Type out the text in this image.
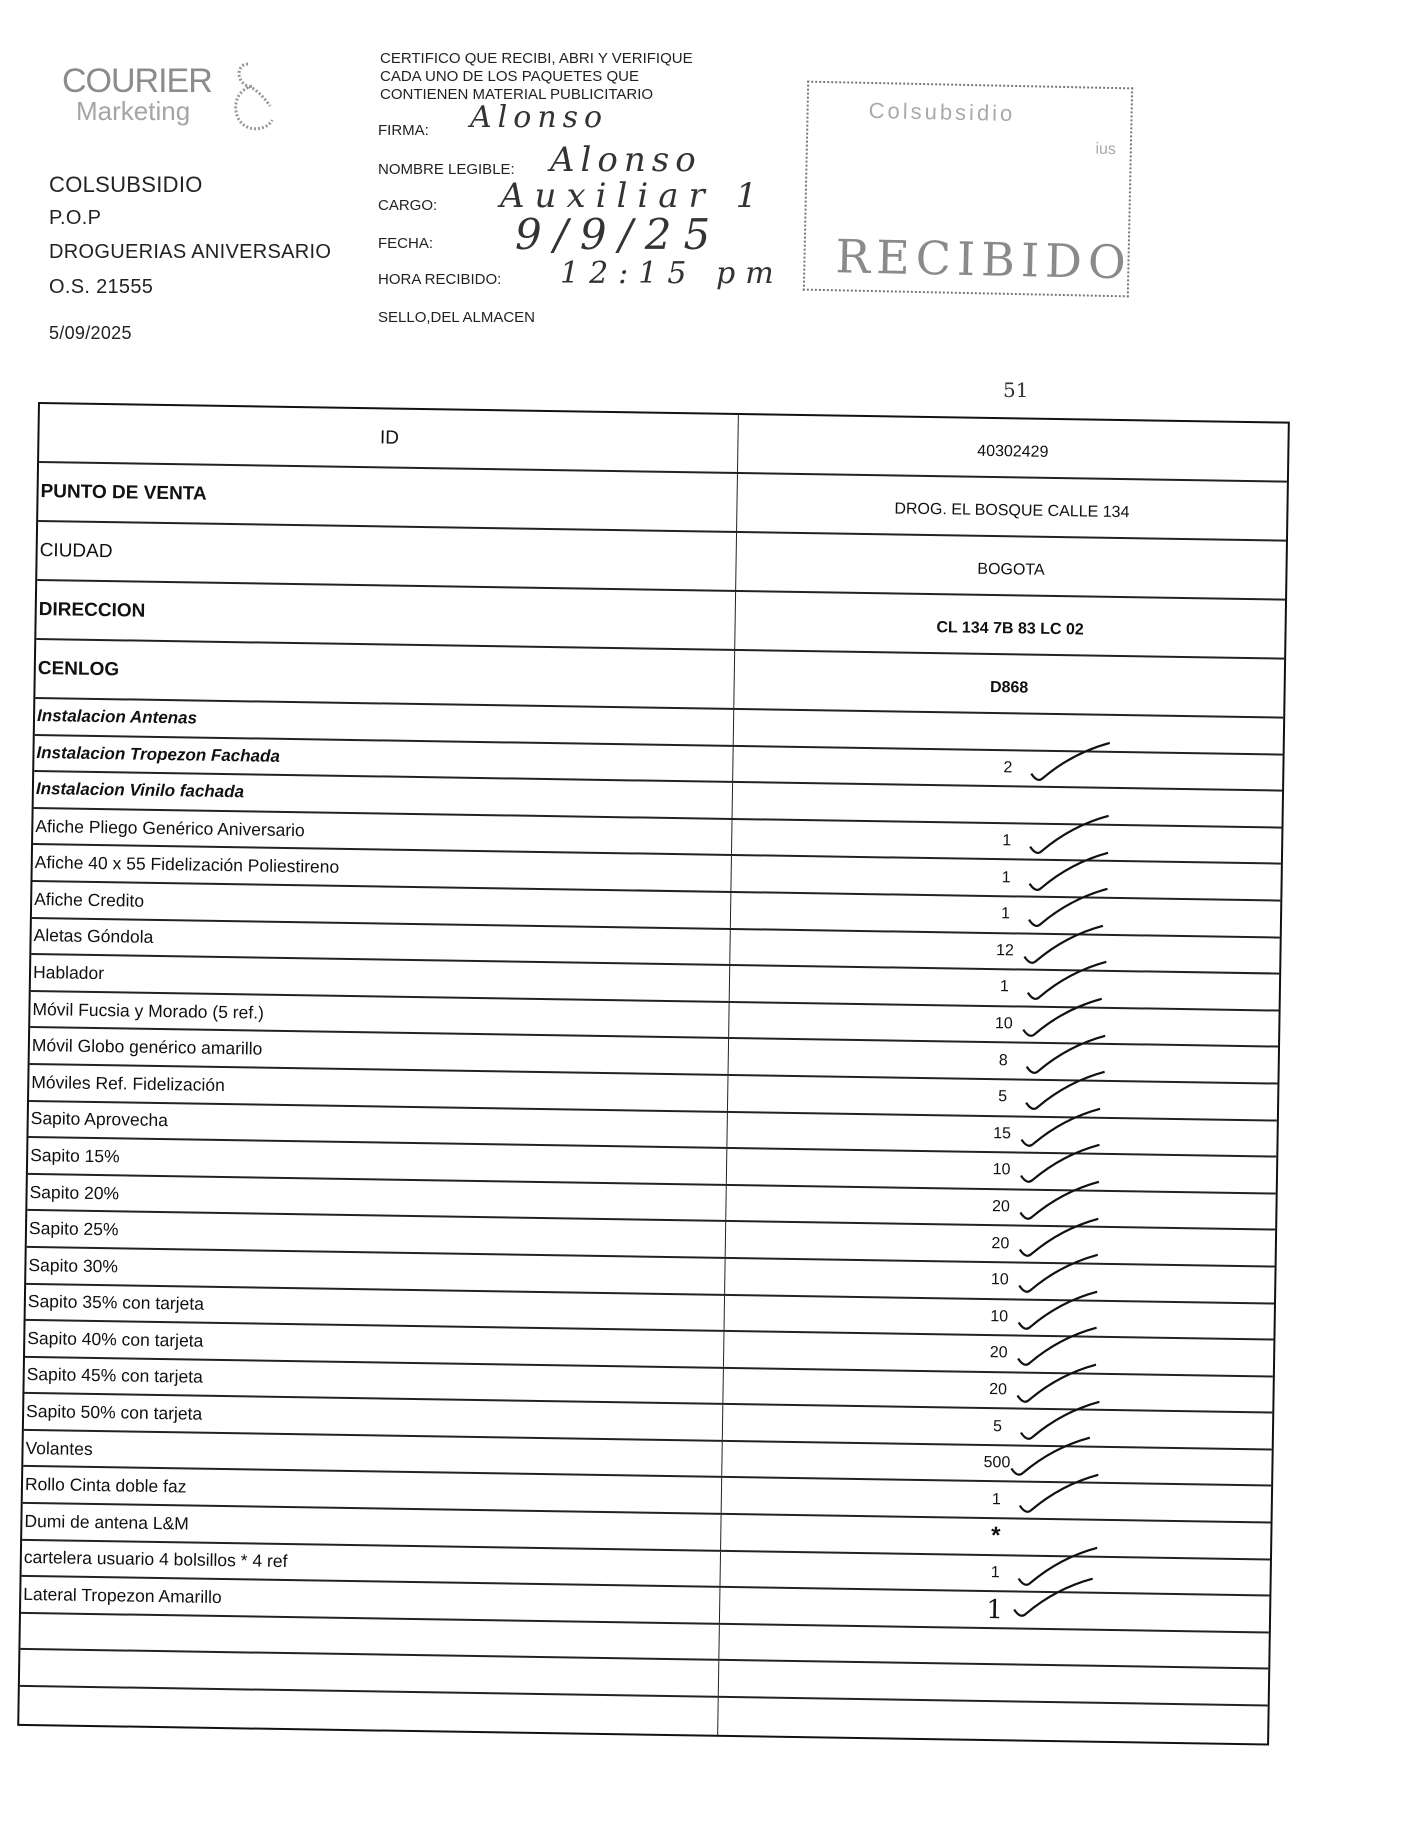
COURIER
Marketing
COLSUBSIDIO
P.O.P
DROGUERIAS ANIVERSARIO
O.S. 21555
5/09/2025
CERTIFICO QUE RECIBI, ABRI Y VERIFIQUE
CADA UNO DE LOS PAQUETES QUE
CONTIENEN MATERIAL PUBLICITARIO
FIRMA: Alonso
NOMBRE LEGIBLE: Alonso
CARGO: Auxiliar 1
FECHA: 9/9/25
HORA RECIBIDO: 12:15 pm
SELLO,DEL ALMACEN
Colsubsidio
ius
RECIBIDO
51
ID
40302429
PUNTO DE VENTA
DROG. EL BOSQUE CALLE 134
CIUDAD
BOGOTA
DIRECCION
CL 134 7B 83 LC 02
CENLOG
D868
Instalacion Antenas
Instalacion Tropezon Fachada
2
Instalacion Vinilo fachada
Afiche Pliego Genérico Aniversario
1
Afiche 40 x 55 Fidelización Poliestireno
1
Afiche Credito
1
Aletas Góndola
12
Hablador
1
Móvil Fucsia y Morado (5 ref.)
10
Móvil Globo genérico amarillo
8
Móviles Ref. Fidelización
5
Sapito Aprovecha
15
Sapito 15%
10
Sapito 20%
20
Sapito 25%
20
Sapito 30%
10
Sapito 35% con tarjeta
10
Sapito 40% con tarjeta
20
Sapito 45% con tarjeta
20
Sapito 50% con tarjeta
5
Volantes
500
Rollo Cinta doble faz
1
Dumi de antena L&M
*
cartelera usuario 4 bolsillos * 4 ref
1
Lateral Tropezon Amarillo	1
